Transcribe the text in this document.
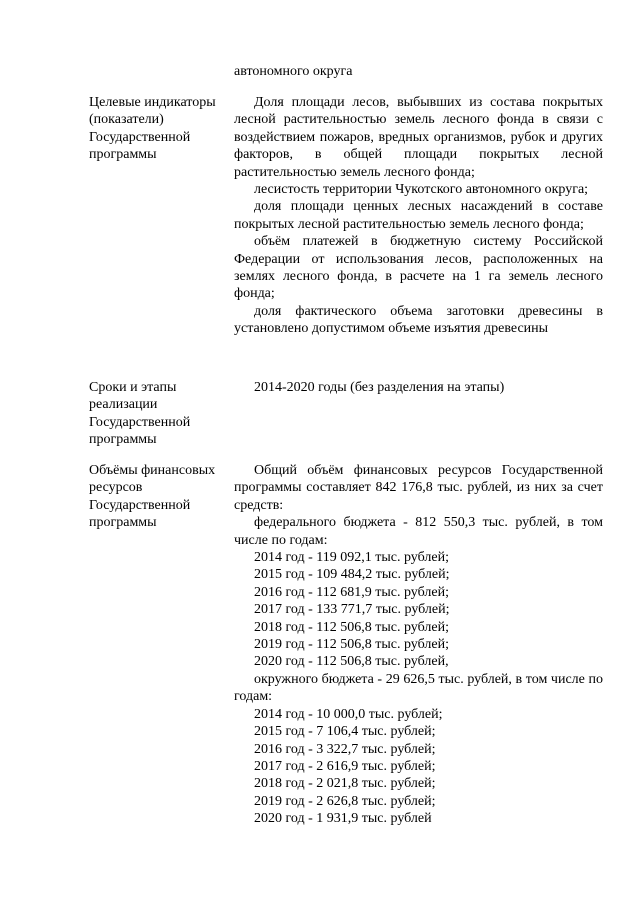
автономного округа

Целевые индикаторы
(показатели)
Государственной
программы

Доля площади лесов, выбывших из состава покрытых лесной растительностью земель лесного фонда в связи с воздействием пожаров, вредных организмов, рубок и других факторов, в общей площади покрытых лесной растительностью земель лесного фонда;

лесистость территории Чукотского автономного округа;

доля площади ценных лесных насаждений в составе покрытых лесной растительностью земель лесного фонда;

объём платежей в бюджетную систему Российской Федерации от использования лесов, расположенных на землях лесного фонда, в расчете на 1 га земель лесного фонда;

доля фактического объема заготовки древесины в установлено допустимом объеме изъятия древесины

Сроки и этапы
реализации
Государственной
программы

2014-2020 годы (без разделения на этапы)

Объёмы финансовых
ресурсов
Государственной
программы

Общий объём финансовых ресурсов Государственной программы составляет 842 176,8 тыс. рублей, из них за счет средств:

федерального бюджета - 812 550,3 тыс. рублей, в том числе по годам:

2014 год - 119 092,1 тыс. рублей;
2015 год - 109 484,2 тыс. рублей;
2016 год - 112 681,9 тыс. рублей;
2017 год - 133 771,7 тыс. рублей;
2018 год - 112 506,8 тыс. рублей;
2019 год - 112 506,8 тыс. рублей;
2020 год - 112 506,8 тыс. рублей,

окружного бюджета - 29 626,5 тыс. рублей, в том числе по годам:

2014 год - 10 000,0 тыс. рублей;
2015 год - 7 106,4 тыс. рублей;
2016 год - 3 322,7 тыс. рублей;
2017 год - 2 616,9 тыс. рублей;
2018 год - 2 021,8 тыс. рублей;
2019 год - 2 626,8 тыс. рублей;
2020 год - 1 931,9 тыс. рублей
